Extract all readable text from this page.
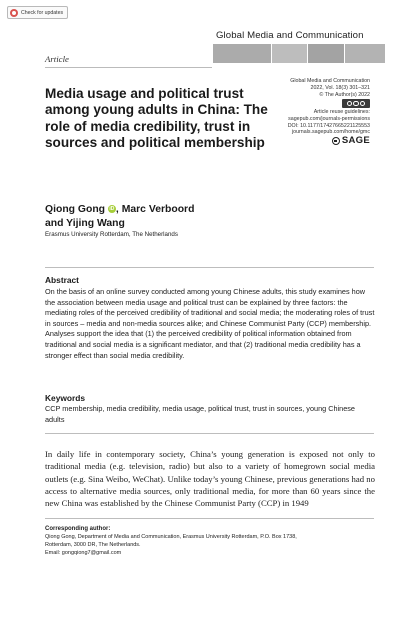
Check for updates
Global Media and Communication
Article
Media usage and political trust among young adults in China: The role of media credibility, trust in sources and political membership
Global Media and Communication
2022, Vol. 18(3) 301–321
© The Author(s) 2022
Article reuse guidelines:
sagepub.com/journals-permissions
DOI: 10.1177/17427665221125553
journals.sagepub.com/home/gmc
SAGE
Qiong Gong iD , Marc Verboord
and Yijing Wang
Erasmus University Rotterdam, The Netherlands
Abstract
On the basis of an online survey conducted among young Chinese adults, this study examines how the association between media usage and political trust can be explained by three factors: the mediating roles of the perceived credibility of traditional and social media; the moderating roles of trust in sources – media and non-media sources alike; and Chinese Communist Party (CCP) membership. Analyses support the idea that (1) the perceived credibility of political information obtained from traditional and social media is a significant mediator, and that (2) traditional media credibility has a stronger effect than social media credibility.
Keywords
CCP membership, media credibility, media usage, political trust, trust in sources, young Chinese adults
In daily life in contemporary society, China’s young generation is exposed not only to traditional media (e.g. television, radio) but also to a variety of homegrown social media outlets (e.g. Sina Weibo, WeChat). Unlike today’s young Chinese, previous generations had no access to alternative media sources, only traditional media, for more than 60 years since the new China was established by the Chinese Communist Party (CCP) in 1949
Corresponding author:
Qiong Gong, Department of Media and Communication, Erasmus University Rotterdam, P.O. Box 1738,
Rotterdam, 3000 DR, The Netherlands.
Email: gongqiong7@gmail.com
